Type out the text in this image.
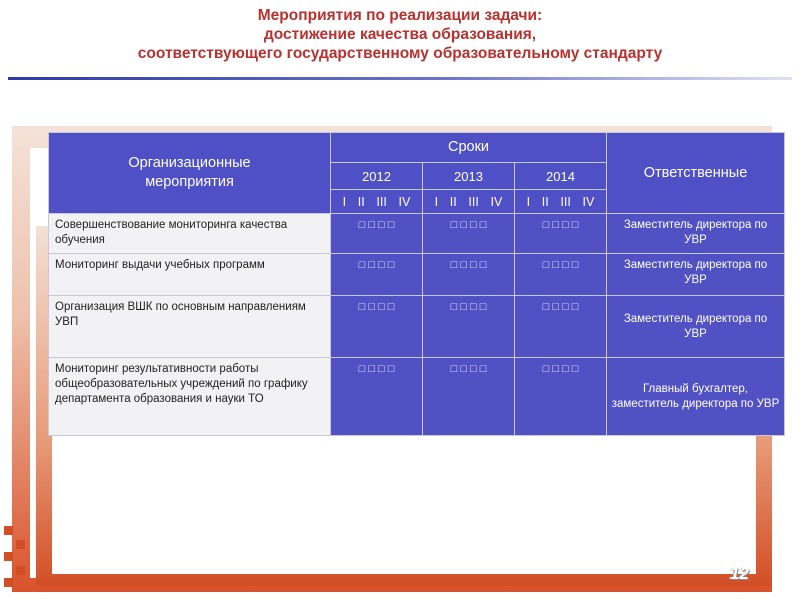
Мероприятия по реализации задачи:
достижение качества образования,
соответствующего государственному образовательному стандарту
Организационные мероприятия	Сроки			Ответственные
	2012	2013	2014	

	I II III IV	I II III IV	I II III IV	

Совершенствование мониторинга качества обучения	□ □ □ □	□ □ □ □	□ □ □ □	Заместитель директора по УВР
Мониторинг выдачи учебных программ	□ □ □ □	□ □ □ □	□ □ □ □	Заместитель директора по УВР
Организация ВШК по основным направлениям УВП	□ □ □ □	□ □ □ □	□ □ □ □	Заместитель директора по УВР
Мониторинг результативности работы общеобразовательных учреждений по графику департамента образования и науки ТО	□ □ □ □	□ □ □ □	□ □ □ □	Главный бухгалтер, заместитель директора по УВР
12
